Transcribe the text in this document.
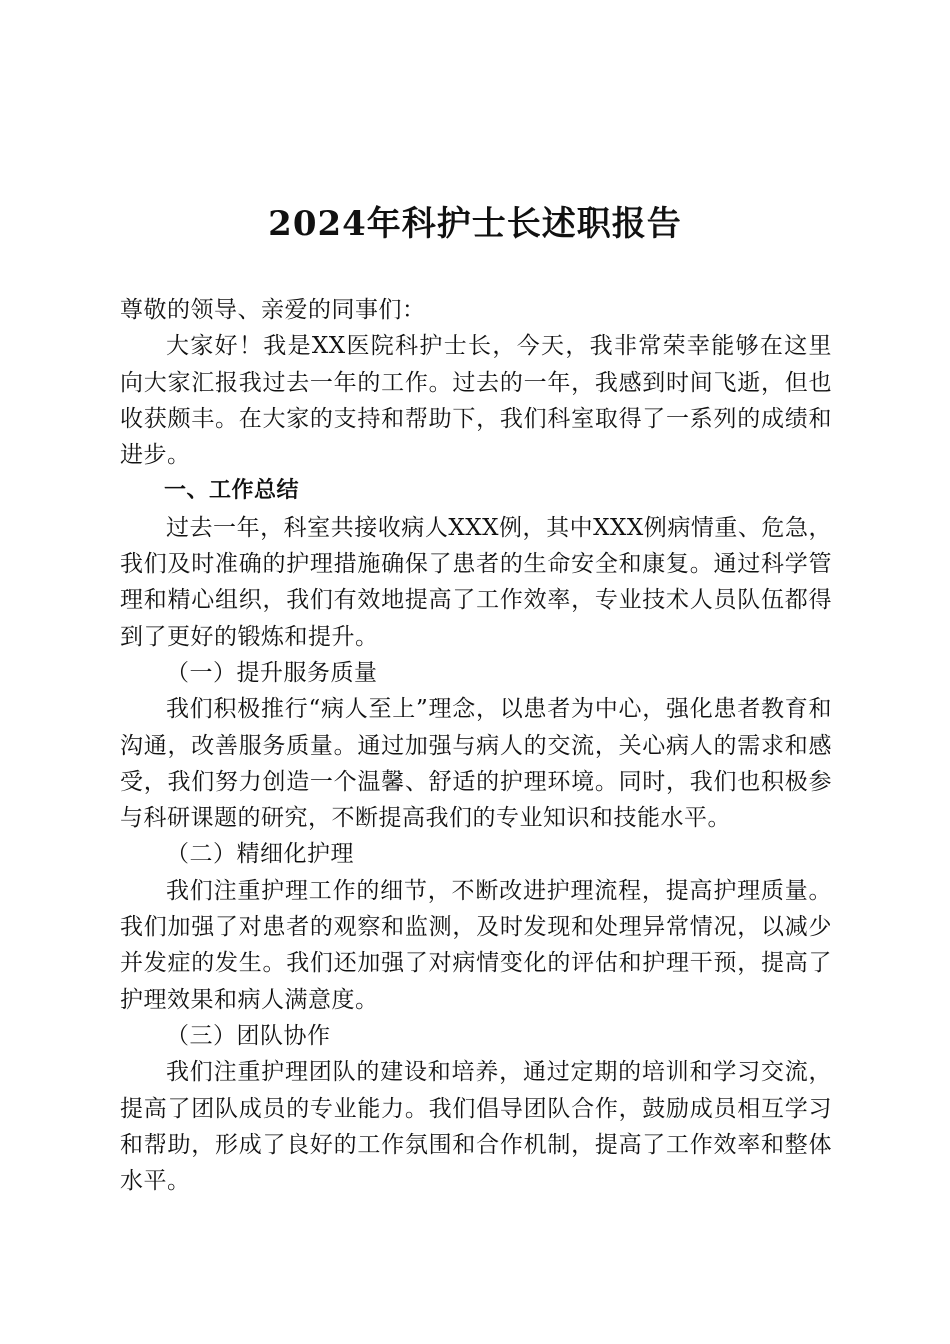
2024年科护士长述职报告

尊敬的领导、亲爱的同事们：

大家好！我是XX医院科护士长，今天，我非常荣幸能够在这里向大家汇报我过去一年的工作。过去的一年，我感到时间飞逝，但也收获颇丰。在大家的支持和帮助下，我们科室取得了一系列的成绩和进步。

一、工作总结

过去一年，科室共接收病人XXX例，其中XXX例病情重、危急，我们及时准确的护理措施确保了患者的生命安全和康复。通过科学管理和精心组织，我们有效地提高了工作效率，专业技术人员队伍都得到了更好的锻炼和提升。

（一）提升服务质量

我们积极推行“病人至上”理念，以患者为中心，强化患者教育和沟通，改善服务质量。通过加强与病人的交流，关心病人的需求和感受，我们努力创造一个温馨、舒适的护理环境。同时，我们也积极参与科研课题的研究，不断提高我们的专业知识和技能水平。

（二）精细化护理

我们注重护理工作的细节，不断改进护理流程，提高护理质量。我们加强了对患者的观察和监测，及时发现和处理异常情况，以减少并发症的发生。我们还加强了对病情变化的评估和护理干预，提高了护理效果和病人满意度。

（三）团队协作

我们注重护理团队的建设和培养，通过定期的培训和学习交流，提高了团队成员的专业能力。我们倡导团队合作，鼓励成员相互学习和帮助，形成了良好的工作氛围和合作机制，提高了工作效率和整体水平。
